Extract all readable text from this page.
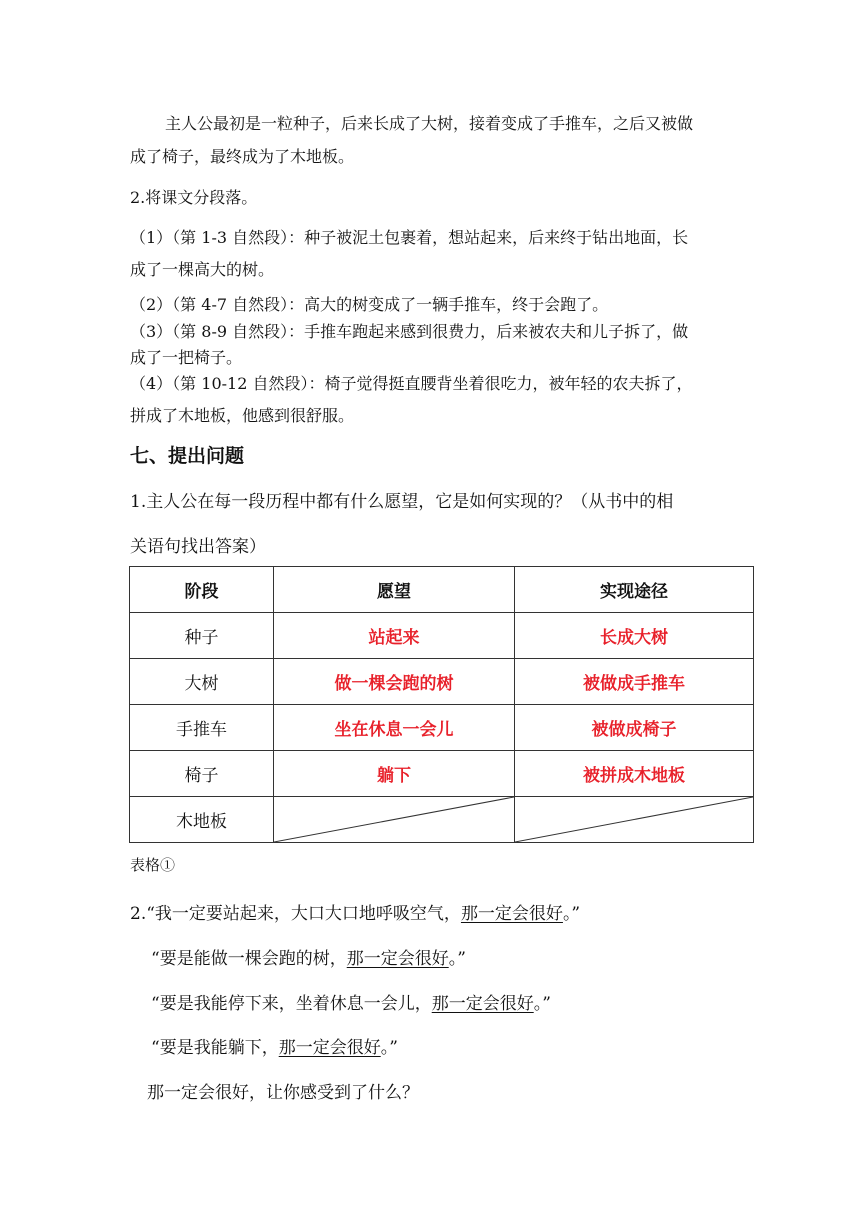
主人公最初是一粒种子，后来长成了大树，接着变成了手推车，之后又被做
成了椅子，最终成为了木地板。
2.将课文分段落。
（1）（第 1-3 自然段）：种子被泥土包裹着，想站起来，后来终于钻出地面，长
成了一棵高大的树。
（2）（第 4-7 自然段）：高大的树变成了一辆手推车，终于会跑了。
（3）（第 8-9 自然段）：手推车跑起来感到很费力，后来被农夫和儿子拆了，做
成了一把椅子。
（4）（第 10-12 自然段）：椅子觉得挺直腰背坐着很吃力，被年轻的农夫拆了，
拼成了木地板，他感到很舒服。
七、提出问题
1.主人公在每一段历程中都有什么愿望，它是如何实现的？（从书中的相
关语句找出答案）
阶段	愿望	实现途径
种子	站起来	长成大树
大树	做一棵会跑的树	被做成手推车
手推车	坐在休息一会儿	被做成椅子
椅子	躺下	被拼成木地板
木地板	

表格①
2.“我一定要站起来，大口大口地呼吸空气，那一定会很好。”
“要是能做一棵会跑的树，那一定会很好。”
“要是我能停下来，坐着休息一会儿，那一定会很好。”
“要是我能躺下，那一定会很好。”
那一定会很好，让你感受到了什么？
